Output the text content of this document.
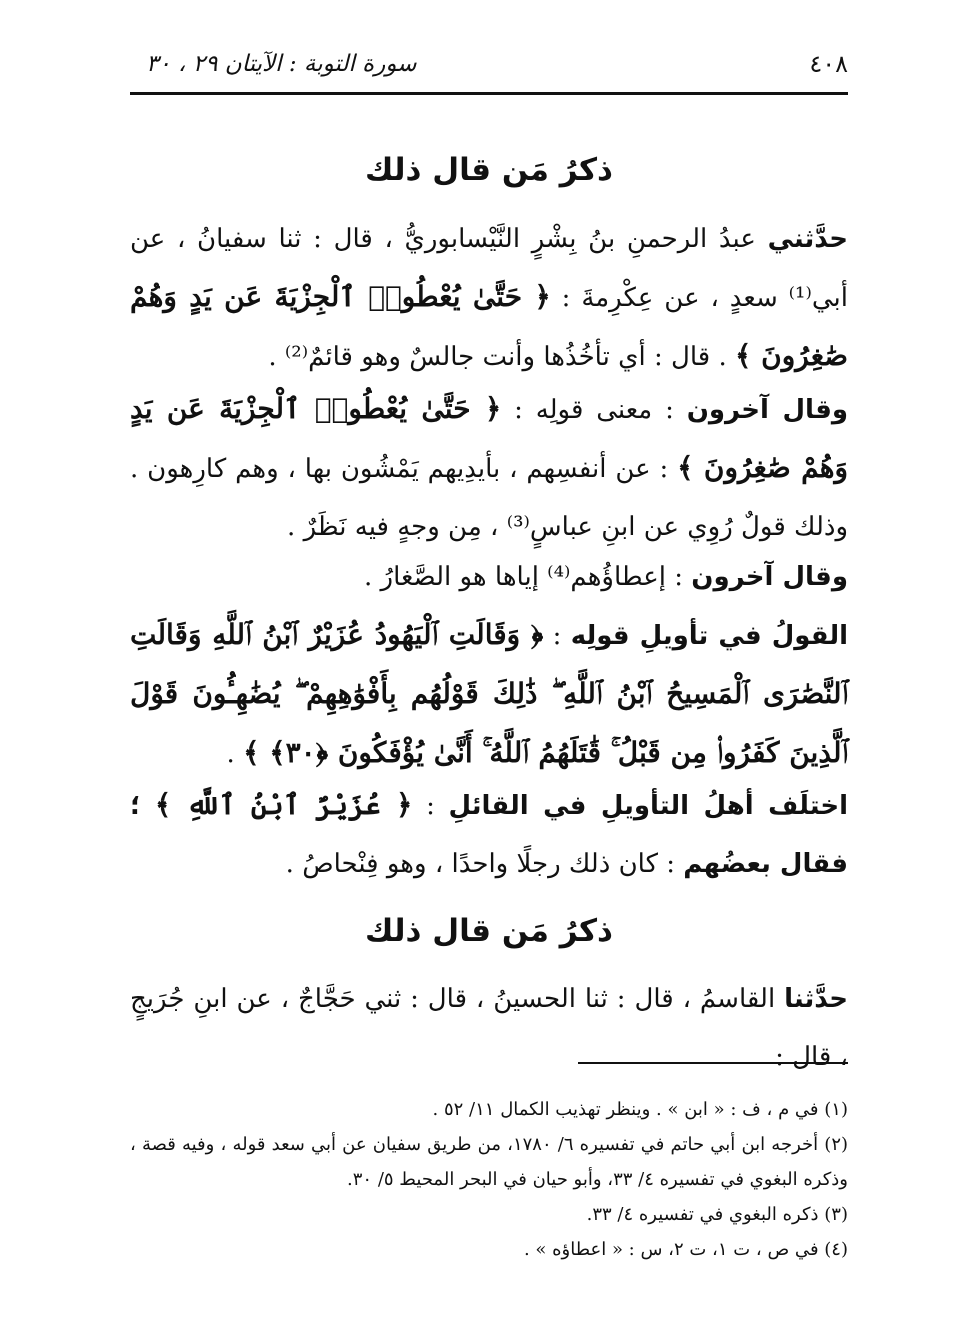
٤٠٨
سورة التوبة : الآيتان ٢٩ ، ٣٠
ذكرُ مَن قال ذلك
حدَّثني عبدُ الرحمنِ بنُ بِشْرٍ النَّيْسابوريُّ ، قال : ثنا سفيانُ ، عن أبي⁽¹⁾ سعدٍ ، عن عِكْرِمةَ : ﴿ حَتَّىٰ يُعْطُوا۟ ٱلْجِزْيَةَ عَن يَدٍ وَهُمْ صَٰغِرُونَ ﴾ . قال : أي تأخُذُها وأنت جالسٌ وهو قائمٌ⁽²⁾ .
وقال آخرون : معنى قولِه : ﴿ حَتَّىٰ يُعْطُوا۟ ٱلْجِزْيَةَ عَن يَدٍ وَهُمْ صَٰغِرُونَ ﴾ : عن أنفسِهم ، بأيدِيهم يَمْشُون بها ، وهم كارِهون . وذلك قولٌ رُوِي عن ابنِ عباسٍ⁽³⁾ ، مِن وجهٍ فيه نَظَرٌ .
وقال آخرون : إعطاؤُهم⁽⁴⁾ إياها هو الصَّغارُ .
القولُ في تأويلِ قولِه : ﴿ وَقَالَتِ ٱلْيَهُودُ عُزَيْرٌ ٱبْنُ ٱللَّهِ وَقَالَتِ ٱلنَّصَٰرَى ٱلْمَسِيحُ ٱبْنُ ٱللَّهِ ۖ ذَٰلِكَ قَوْلُهُم بِأَفْوَٰهِهِمْ ۖ يُضَٰهِـُٔونَ قَوْلَ ٱلَّذِينَ كَفَرُوا۟ مِن قَبْلُ ۚ قَٰتَلَهُمُ ٱللَّهُ ۚ أَنَّىٰ يُؤْفَكُونَ ﴿٣٠﴾ ﴾ .
اختلَف أهلُ التأويلِ في القائلِ : ﴿ عُزَيْرٌ ٱبْنُ ٱللَّهِ ﴾ ؛ فقال بعضُهم : كان ذلك رجلًا واحدًا ، وهو فِنْحاصُ .
ذكرُ مَن قال ذلك
حدَّثنا القاسمُ ، قال : ثنا الحسينُ ، قال : ثني حَجَّاجٌ ، عن ابنِ جُرَيجٍ ، قال :

(١) في م ، ف : « ابن » . وينظر تهذيب الكمال ١١/ ٥٢ .

(٢) أخرجه ابن أبي حاتم في تفسيره ٦/ ١٧٨٠، من طريق سفيان عن أبي سعد قوله ، وفيه قصة ، وذكره البغوي في تفسيره ٤/ ٣٣، وأبو حيان في البحر المحيط ٥/ ٣٠.

(٣) ذكره البغوي في تفسيره ٤/ ٣٣.

(٤) في ص ، ت ١، ت ٢، س : « اعطاؤه » .
